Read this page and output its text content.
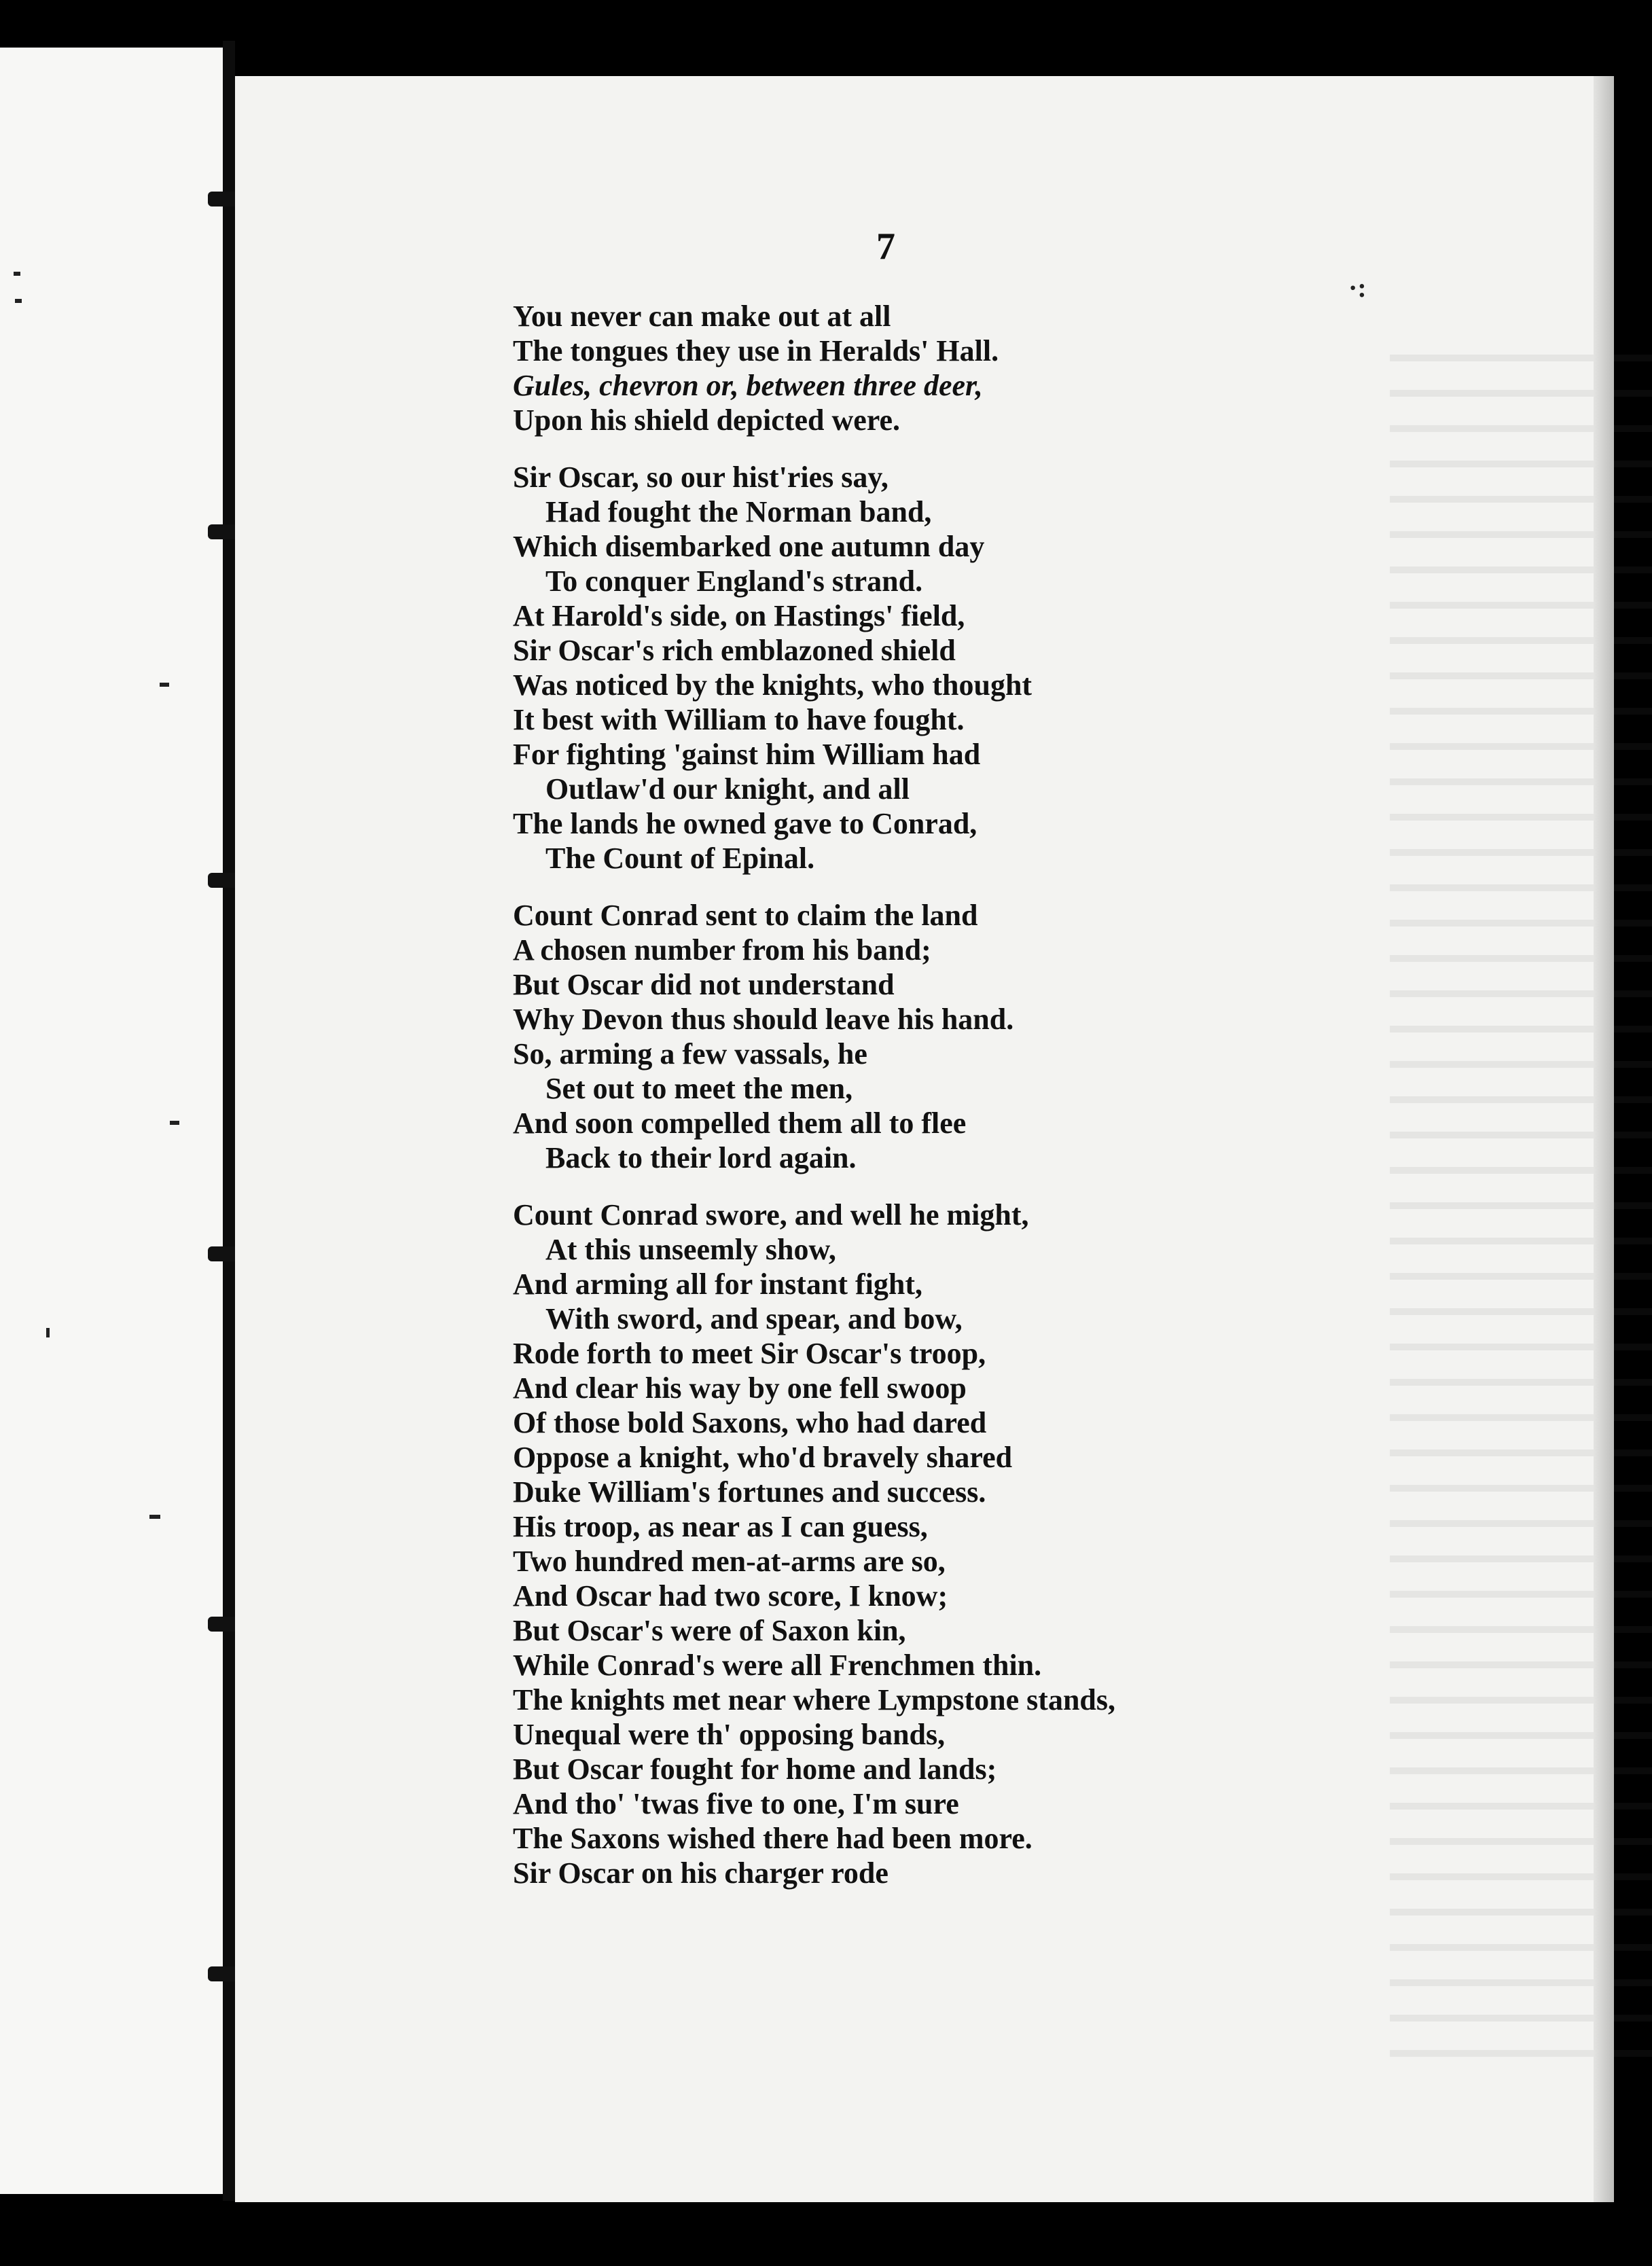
7
·:
You never can make out at all
The tongues they use in Heralds' Hall.
Gules, chevron or, between three deer,
Upon his shield depicted were.
Sir Oscar, so our hist'ries say,
Had fought the Norman band,
Which disembarked one autumn day
To conquer England's strand.
At Harold's side, on Hastings' field,
Sir Oscar's rich emblazoned shield
Was noticed by the knights, who thought
It best with William to have fought.
For fighting 'gainst him William had
Outlaw'd our knight, and all
The lands he owned gave to Conrad,
The Count of Epinal.
Count Conrad sent to claim the land
A chosen number from his band;
But Oscar did not understand
Why Devon thus should leave his hand.
So, arming a few vassals, he
Set out to meet the men,
And soon compelled them all to flee
Back to their lord again.
Count Conrad swore, and well he might,
At this unseemly show,
And arming all for instant fight,
With sword, and spear, and bow,
Rode forth to meet Sir Oscar's troop,
And clear his way by one fell swoop
Of those bold Saxons, who had dared
Oppose a knight, who'd bravely shared
Duke William's fortunes and success.
His troop, as near as I can guess,
Two hundred men-at-arms are so,
And Oscar had two score, I know;
But Oscar's were of Saxon kin,
While Conrad's were all Frenchmen thin.
The knights met near where Lympstone stands,
Unequal were th' opposing bands,
But Oscar fought for home and lands;
And tho' 'twas five to one, I'm sure
The Saxons wished there had been more.
Sir Oscar on his charger rode
